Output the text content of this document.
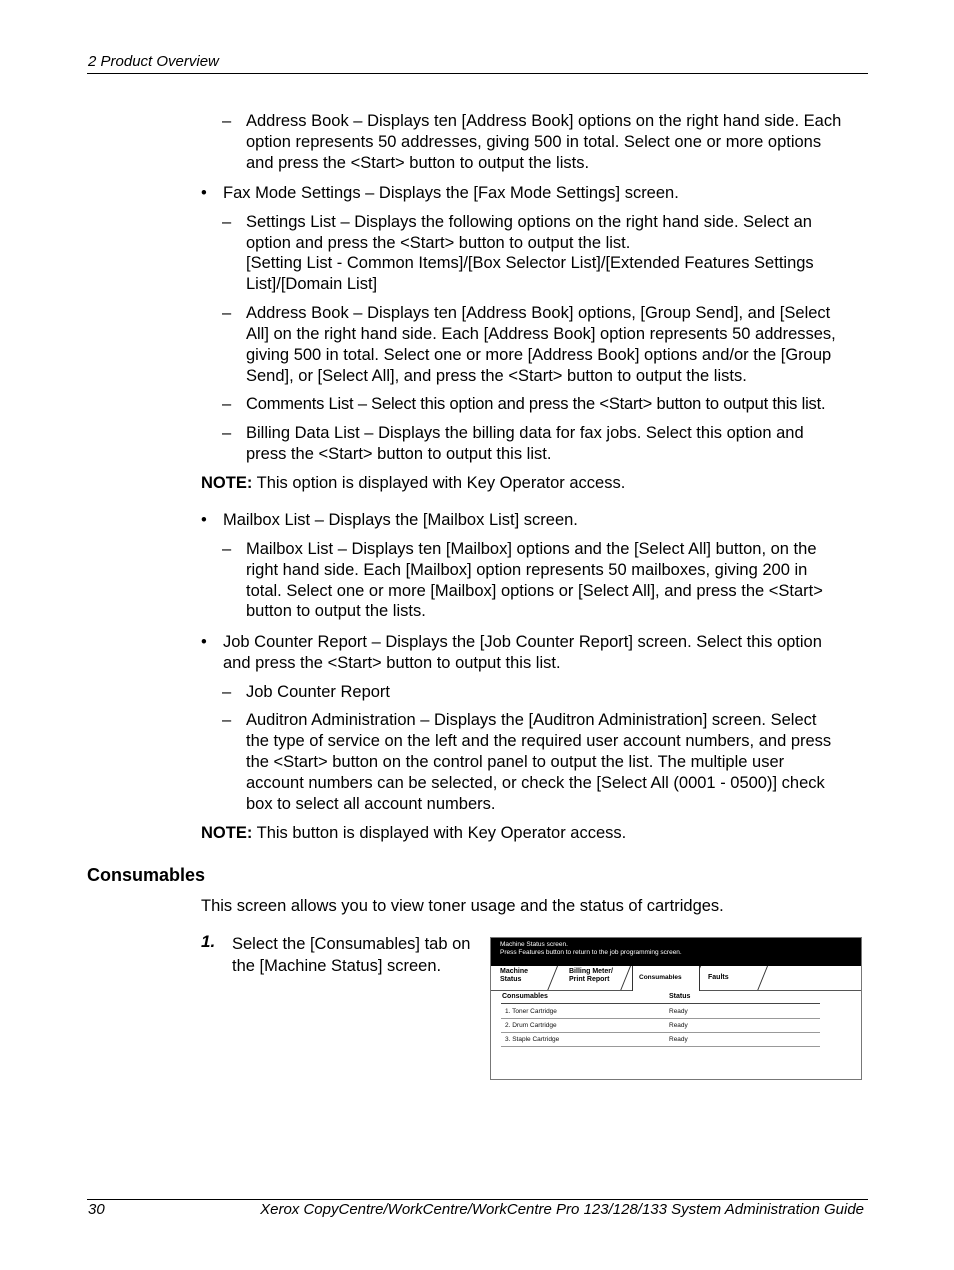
2 Product Overview
– Address Book – Displays ten [Address Book] options on the right hand side. Each
option represents 50 addresses, giving 500 in total. Select one or more options
and press the <Start> button to output the lists.
• Fax Mode Settings – Displays the [Fax Mode Settings] screen.
– Settings List – Displays the following options on the right hand side. Select an
option and press the <Start> button to output the list.
[Setting List - Common Items]/[Box Selector List]/[Extended Features Settings
List]/[Domain List]
– Address Book – Displays ten [Address Book] options, [Group Send], and [Select
All] on the right hand side. Each [Address Book] option represents 50 addresses,
giving 500 in total. Select one or more [Address Book] options and/or the [Group
Send], or [Select All], and press the <Start> button to output the lists.
– Comments List – Select this option and press the <Start> button to output this list.
– Billing Data List – Displays the billing data for fax jobs. Select this option and
press the <Start> button to output this list.
NOTE: This option is displayed with Key Operator access.
• Mailbox List – Displays the [Mailbox List] screen.
– Mailbox List – Displays ten [Mailbox] options and the [Select All] button, on the
right hand side. Each [Mailbox] option represents 50 mailboxes, giving 200 in
total. Select one or more [Mailbox] options or [Select All], and press the <Start>
button to output the lists.
• Job Counter Report – Displays the [Job Counter Report] screen. Select this option
and press the <Start> button to output this list.
– Job Counter Report
– Auditron Administration – Displays the [Auditron Administration] screen. Select
the type of service on the left and the required user account numbers, and press
the <Start> button on the control panel to output the list. The multiple user
account numbers can be selected, or check the [Select All (0001 - 0500)] check
box to select all account numbers.
NOTE: This button is displayed with Key Operator access.
Consumables
This screen allows you to view toner usage and the status of cartridges.
1. Select the [Consumables] tab on
the [Machine Status] screen.
Machine Status screen.
Press Features button to return to the job programming screen.
Machine
Status
Billing Meter/
Print Report	Consumables	Faults
Consumables	Status
1. Toner Cartridge	Ready
2. Drum Cartridge	Ready
3. Staple Cartridge	Ready
30	Xerox CopyCentre/WorkCentre/WorkCentre Pro 123/128/133 System Administration Guide
